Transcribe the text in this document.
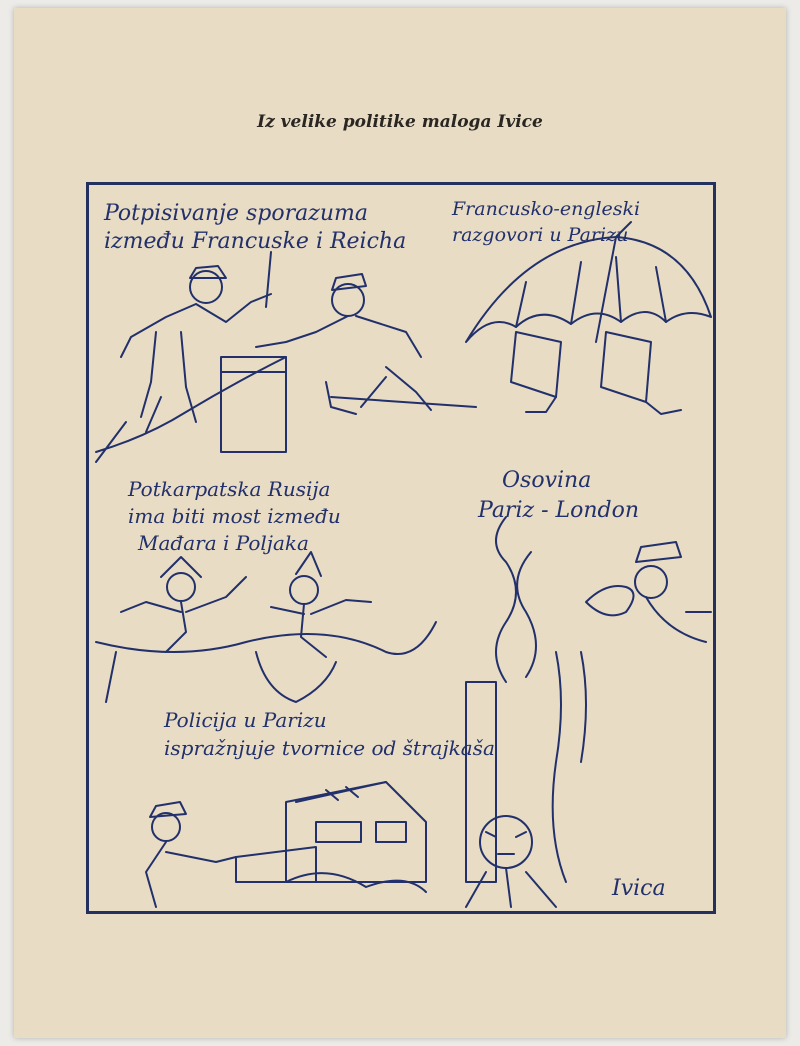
Iz velike politike maloga Ivice
Potpisivanje sporazuma
između Francuske i Reicha
Francusko-engleski
razgovori u Parizu
Potkarpatska Rusija
ima biti most između
Mađara i Poljaka
Osovina
Pariz - London
Policija u Parizu
ispražnjuje tvornice od štrajkaša
Ivica
